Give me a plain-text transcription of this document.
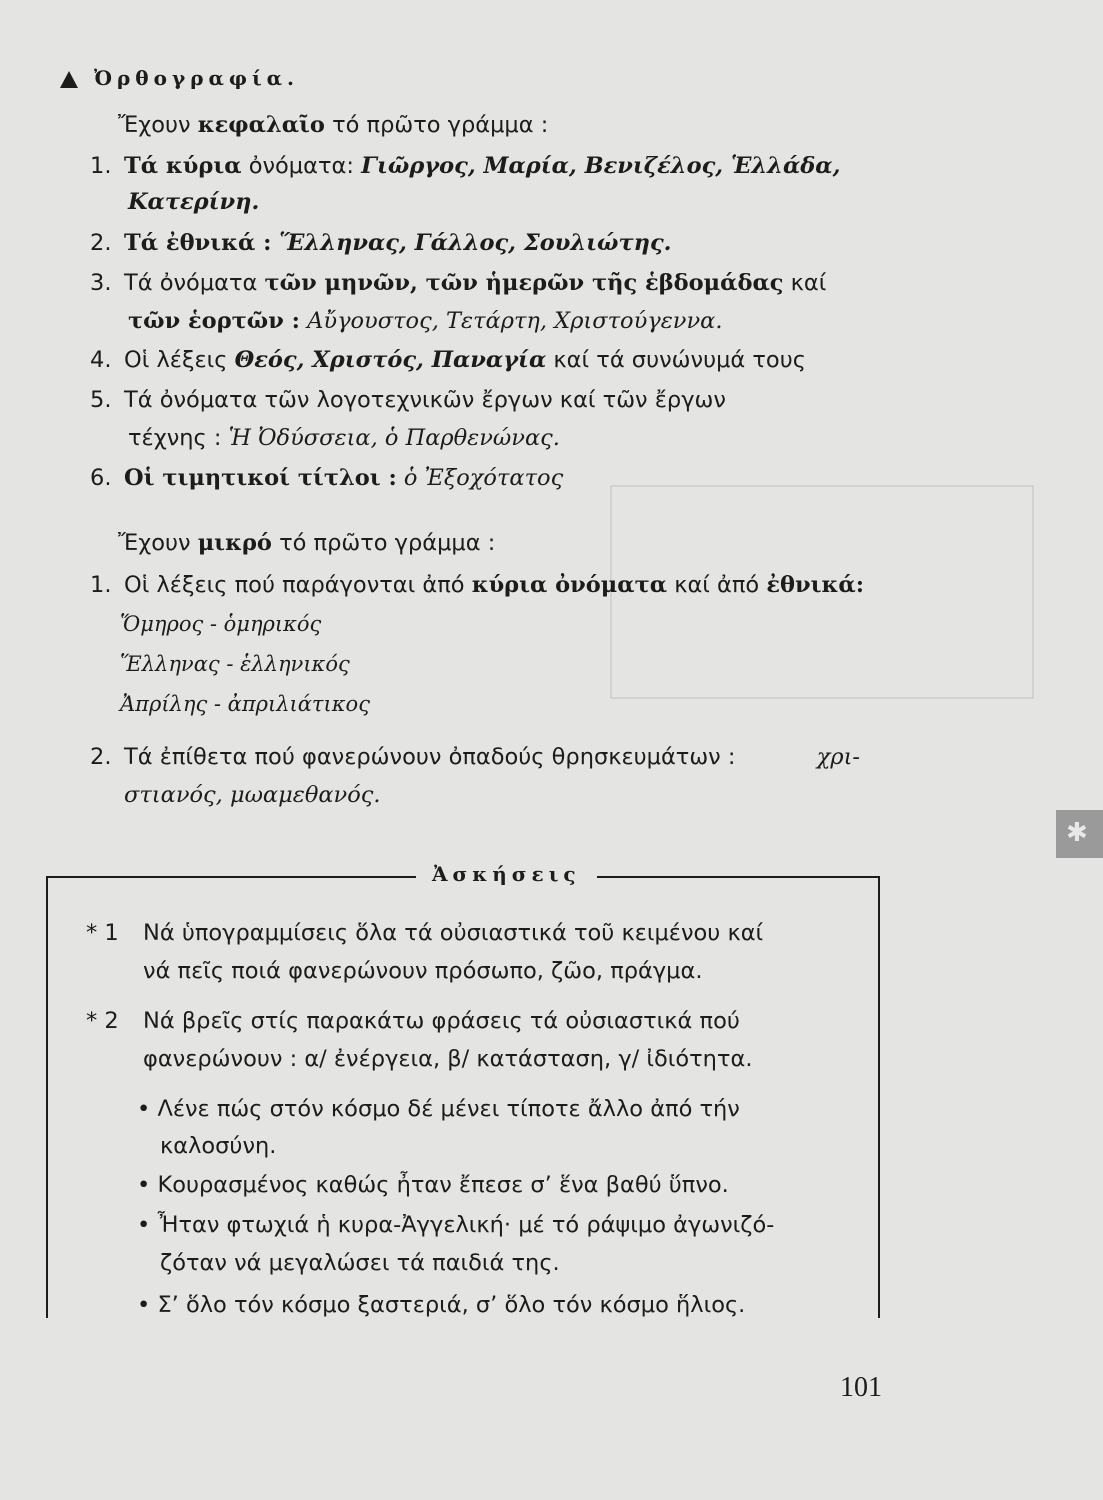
Ὀρθογραφία.
Ἔχουν κεφαλαῖο τό πρῶτο γράμμα :
1. Τά κύρια ὀνόματα: Γιῶργος, Μαρία, Βενιζέλος, Ἑλλάδα,
Κατερίνη.
2. Τά ἐθνικά : Ἕλληνας, Γάλλος, Σουλιώτης.
3. Τά ὀνόματα τῶν μηνῶν, τῶν ἡμερῶν τῆς ἑβδομάδας καί
τῶν ἑορτῶν : Αὔγουστος, Τετάρτη, Χριστούγεννα.
4. Οἱ λέξεις Θεός, Χριστός, Παναγία καί τά συνώνυμά τους
5. Τά ὀνόματα τῶν λογοτεχνικῶν ἔργων καί τῶν ἔργων
τέχνης : Ἡ Ὀδύσσεια, ὁ Παρθενώνας.
6. Οἱ τιμητικοί τίτλοι : ὁ Ἐξοχότατος
Ἔχουν μικρό τό πρῶτο γράμμα :
1. Οἱ λέξεις πού παράγονται ἀπό κύρια ὀνόματα καί ἀπό ἐθνικά:
Ὅμηρος - ὁμηρικός
Ἕλληνας - ἑλληνικός
Ἀπρίλης - ἀπριλιάτικος
2. Τά ἐπίθετα πού φανερώνουν ὀπαδούς θρησκευμάτων :	χρι-
στιανός, μωαμεθανός.
Ἀσκήσεις
* 1 Νά ὑπογραμμίσεις ὅλα τά οὐσιαστικά τοῦ κειμένου καί
νά πεῖς ποιά φανερώνουν πρόσωπο, ζῶο, πράγμα.
* 2 Νά βρεῖς στίς παρακάτω φράσεις τά οὐσιαστικά πού
φανερώνουν : α/ ἐνέργεια, β/ κατάσταση, γ/ ἰδιότητα.
• Λένε πώς στόν κόσμο δέ μένει τίποτε ἄλλο ἀπό τήν
καλοσύνη.
• Κουρασμένος καθώς ἦταν ἔπεσε σ’ ἕνα βαθύ ὕπνο.
• Ἦταν φτωχιά ἡ κυρα-Ἀγγελική· μέ τό ράψιμο ἀγωνιζό-
ζόταν νά μεγαλώσει τά παιδιά της.
• Σ’ ὅλο τόν κόσμο ξαστεριά, σ’ ὅλο τόν κόσμο ἥλιος.
✱
101
